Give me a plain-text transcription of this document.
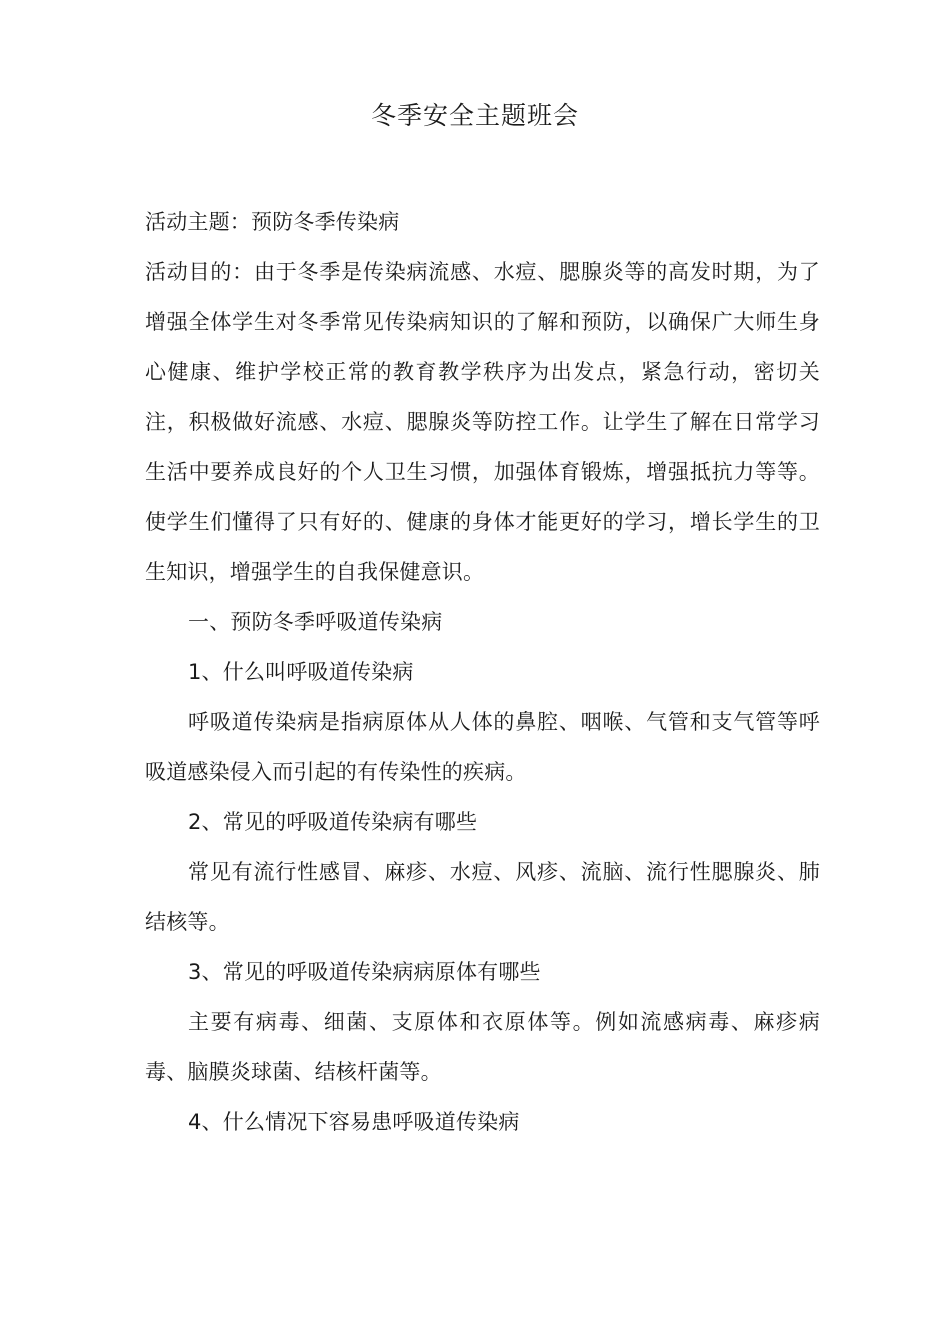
冬季安全主题班会

活动主题：预防冬季传染病

活动目的：由于冬季是传染病流感、水痘、腮腺炎等的高发时期，为了增强全体学生对冬季常见传染病知识的了解和预防，以确保广大师生身心健康、维护学校正常的教育教学秩序为出发点，紧急行动，密切关注，积极做好流感、水痘、腮腺炎等防控工作。让学生了解在日常学习生活中要养成良好的个人卫生习惯，加强体育锻炼，增强抵抗力等等。使学生们懂得了只有好的、健康的身体才能更好的学习，增长学生的卫生知识，增强学生的自我保健意识。

一、预防冬季呼吸道传染病

1、什么叫呼吸道传染病

呼吸道传染病是指病原体从人体的鼻腔、咽喉、气管和支气管等呼吸道感染侵入而引起的有传染性的疾病。

2、常见的呼吸道传染病有哪些

常见有流行性感冒、麻疹、水痘、风疹、流脑、流行性腮腺炎、肺结核等。

3、常见的呼吸道传染病病原体有哪些

主要有病毒、细菌、支原体和衣原体等。例如流感病毒、麻疹病毒、脑膜炎球菌、结核杆菌等。

4、什么情况下容易患呼吸道传染病
